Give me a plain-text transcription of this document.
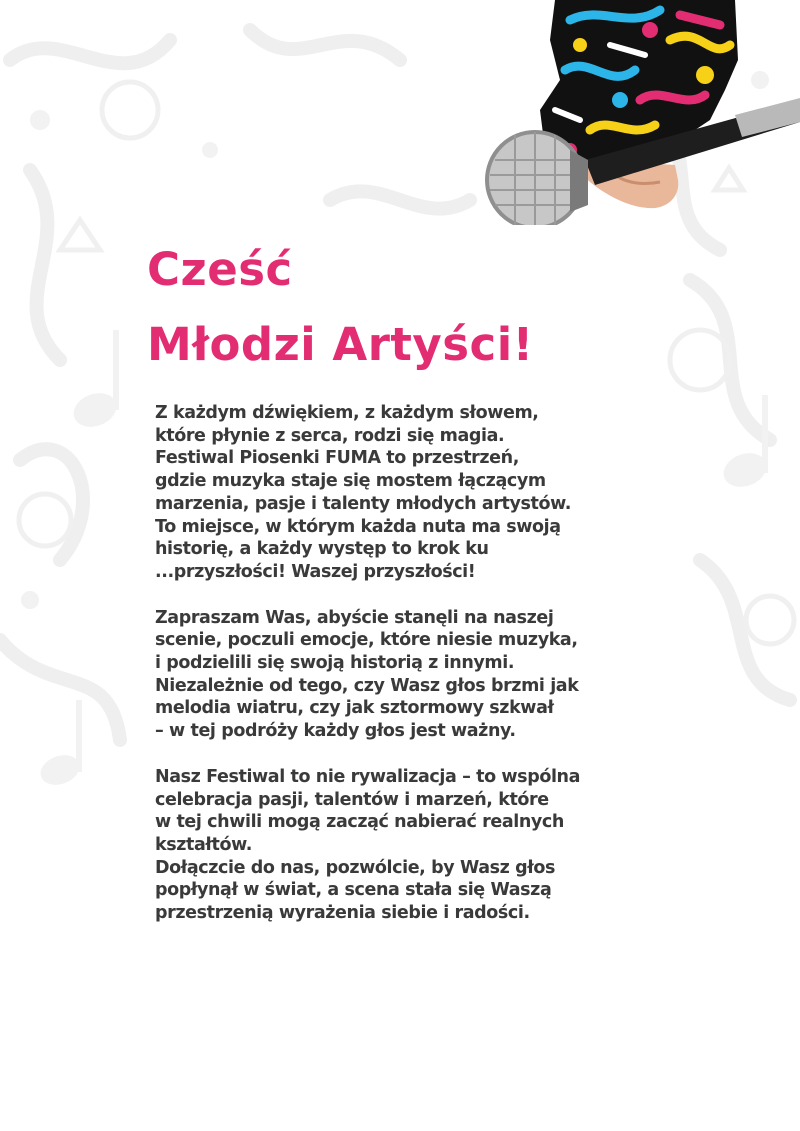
Cześć
Młodzi Artyści!

Z każdym dźwiękiem, z każdym słowem,
które płynie z serca, rodzi się magia.
Festiwal Piosenki FUMA to przestrzeń,
gdzie muzyka staje się mostem łączącym
marzenia, pasje i talenty młodych artystów.
To miejsce, w którym każda nuta ma swoją
historię, a każdy występ to krok ku
...przyszłości! Waszej przyszłości!

Zapraszam Was, abyście stanęli na naszej
scenie, poczuli emocje, które niesie muzyka,
i podzielili się swoją historią z innymi.
Niezależnie od tego, czy Wasz głos brzmi jak
melodia wiatru, czy jak sztormowy szkwał
– w tej podróży każdy głos jest ważny.

Nasz Festiwal to nie rywalizacja – to wspólna
celebracja pasji, talentów i marzeń, które
w tej chwili mogą zacząć nabierać realnych
kształtów.
Dołączcie do nas, pozwólcie, by Wasz głos
popłynął w świat, a scena stała się Waszą
przestrzenią wyrażenia siebie i radości.
